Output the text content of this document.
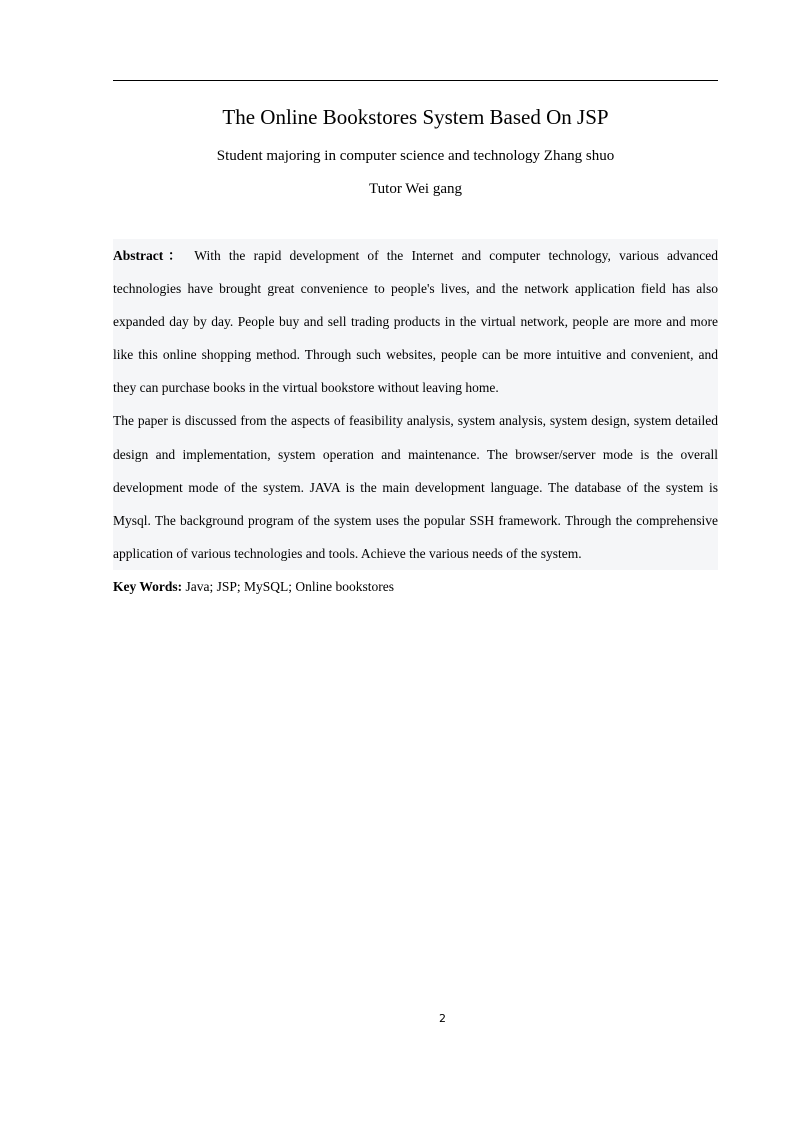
The Online Bookstores System Based On JSP

Student majoring in computer science and technology Zhang shuo

Tutor Wei gang

Abstract： With the rapid development of the Internet and computer technology, various advanced technologies have brought great convenience to people's lives, and the network application field has also expanded day by day. People buy and sell trading products in the virtual network, people are more and more like this online shopping method. Through such websites, people can be more intuitive and convenient, and they can purchase books in the virtual bookstore without leaving home.

The paper is discussed from the aspects of feasibility analysis, system analysis, system design, system detailed design and implementation, system operation and maintenance. The browser/server mode is the overall development mode of the system. JAVA is the main development language. The database of the system is Mysql. The background program of the system uses the popular SSH framework. Through the comprehensive application of various technologies and tools. Achieve the various needs of the system.

Key Words: Java; JSP; MySQL; Online bookstores

2
